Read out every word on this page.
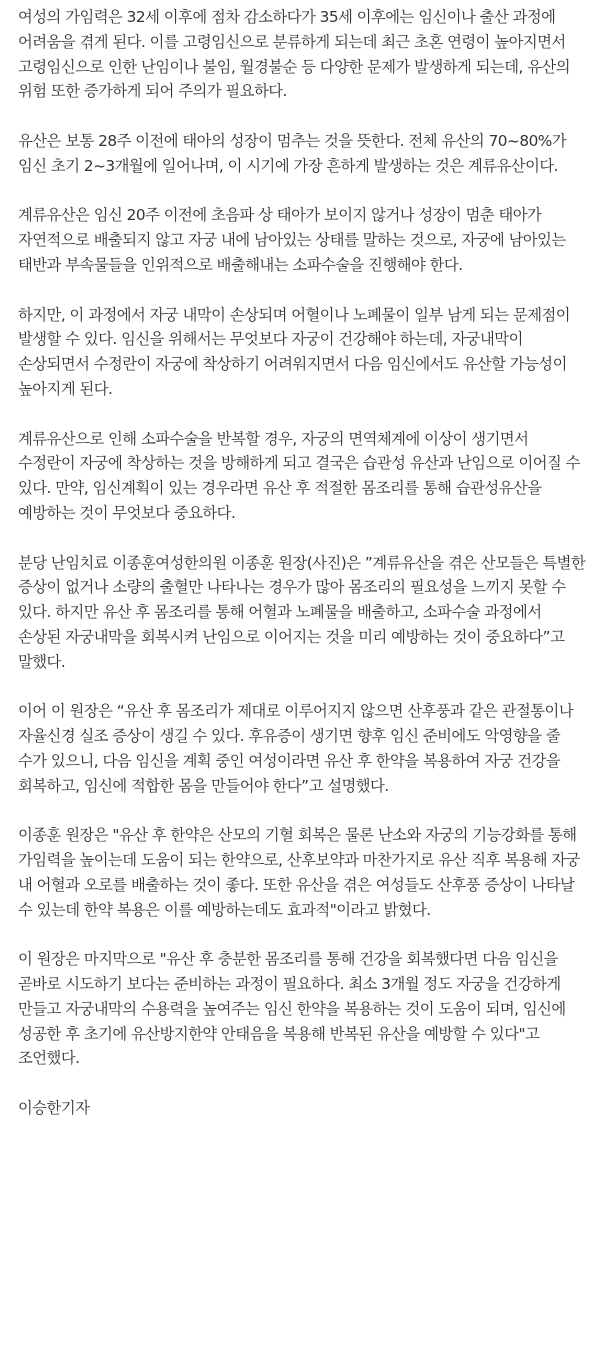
여성의 가임력은 32세 이후에 점차 감소하다가 35세 이후에는 임신이나 출산 과정에 어려움을 겪게 된다. 이를 고령임신으로 분류하게 되는데 최근 초혼 연령이 높아지면서 고령임신으로 인한 난임이나 불임, 월경불순 등 다양한 문제가 발생하게 되는데, 유산의 위험 또한 증가하게 되어 주의가 필요하다.

유산은 보통 28주 이전에 태아의 성장이 멈추는 것을 뜻한다. 전체 유산의 70~80%가 임신 초기 2~3개월에 일어나며, 이 시기에 가장 흔하게 발생하는 것은 계류유산이다.

계류유산은 임신 20주 이전에 초음파 상 태아가 보이지 않거나 성장이 멈춘 태아가 자연적으로 배출되지 않고 자궁 내에 남아있는 상태를 말하는 것으로, 자궁에 남아있는 태반과 부속물들을 인위적으로 배출해내는 소파수술을 진행해야 한다.

하지만, 이 과정에서 자궁 내막이 손상되며 어혈이나 노폐물이 일부 남게 되는 문제점이 발생할 수 있다. 임신을 위해서는 무엇보다 자궁이 건강해야 하는데, 자궁내막이 손상되면서 수정란이 자궁에 착상하기 어려워지면서 다음 임신에서도 유산할 가능성이 높아지게 된다.

계류유산으로 인해 소파수술을 반복할 경우, 자궁의 면역체계에 이상이 생기면서 수정란이 자궁에 착상하는 것을 방해하게 되고 결국은 습관성 유산과 난임으로 이어질 수 있다. 만약, 임신계획이 있는 경우라면 유산 후 적절한 몸조리를 통해 습관성유산을 예방하는 것이 무엇보다 중요하다.

분당 난임치료 이종훈여성한의원 이종훈 원장(사진)은 ”계류유산을 겪은 산모들은 특별한 증상이 없거나 소량의 출혈만 나타나는 경우가 많아 몸조리의 필요성을 느끼지 못할 수 있다. 하지만 유산 후 몸조리를 통해 어혈과 노폐물을 배출하고, 소파수술 과정에서 손상된 자궁내막을 회복시켜 난임으로 이어지는 것을 미리 예방하는 것이 중요하다”고 말했다.

이어 이 원장은 “유산 후 몸조리가 제대로 이루어지지 않으면 산후풍과 같은 관절통이나 자율신경 실조 증상이 생길 수 있다. 후유증이 생기면 향후 임신 준비에도 악영향을 줄 수가 있으니, 다음 임신을 계획 중인 여성이라면 유산 후 한약을 복용하여 자궁 건강을 회복하고, 임신에 적합한 몸을 만들어야 한다”고 설명했다.

이종훈 원장은 "유산 후 한약은 산모의 기혈 회복은 물론 난소와 자궁의 기능강화를 통해 가임력을 높이는데 도움이 되는 한약으로, 산후보약과 마찬가지로 유산 직후 복용해 자궁 내 어혈과 오로를 배출하는 것이 좋다. 또한 유산을 겪은 여성들도 산후풍 증상이 나타날 수 있는데 한약 복용은 이를 예방하는데도 효과적"이라고 밝혔다.

이 원장은 마지막으로 "유산 후 충분한 몸조리를 통해 건강을 회복했다면 다음 임신을 곧바로 시도하기 보다는 준비하는 과정이 필요하다. 최소 3개월 정도 자궁을 건강하게 만들고 자궁내막의 수용력을 높여주는 임신 한약을 복용하는 것이 도움이 되며, 임신에 성공한 후 초기에 유산방지한약 안태음을 복용해 반복된 유산을 예방할 수 있다"고 조언했다.

이승한기자
